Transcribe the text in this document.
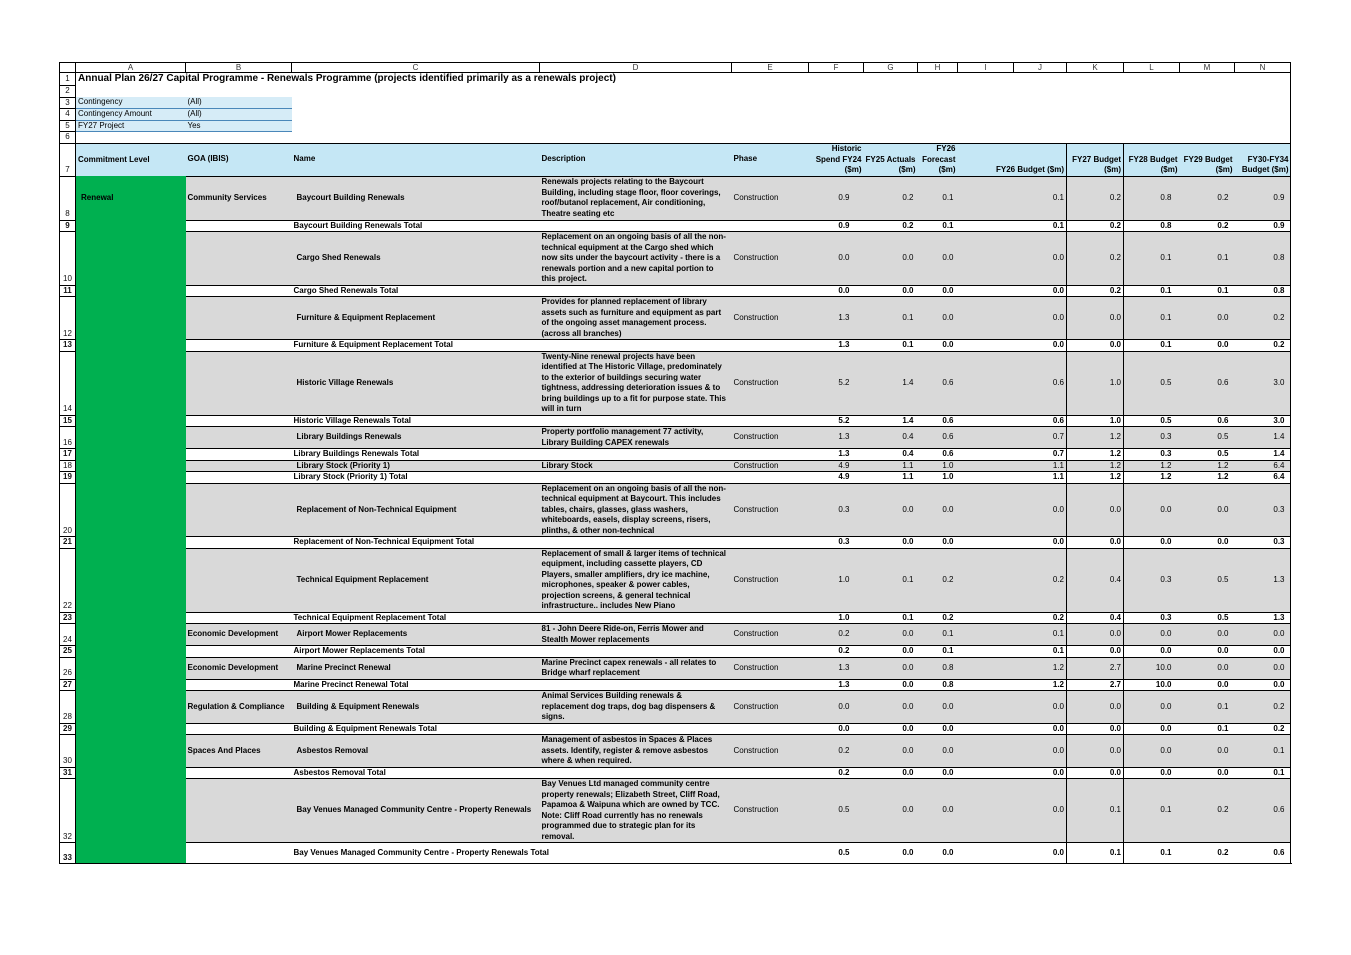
	A	B	C	D	E	F	G	H	I	J	K	L	M	N	
1	Annual Plan 26/27 Capital Programme - Renewals Programme (projects identified primarily as a renewals project)														
2															
3	Contingency	(All)													
4	Contingency Amount	(All)													
5	FY27 Project	Yes													
6															
7	Commitment Level	GOA (IBIS)	Name	Description	Phase	Historic Spend FY24 ($m)	FY25 Actuals ($m)	FY26 Forecast ($m)	FY26 Budget ($m)		FY27 Budget ($m)	FY28 Budget ($m)	FY29 Budget ($m)	FY30-FY34 Budget ($m)	
8	Renewal	Community Services	Baycourt Building Renewals	Renewals projects relating to the Baycourt Building, including stage floor, floor coverings, roof/butanol replacement, Air conditioning, Theatre seating etc	Construction	0.9	0.2	0.1	0.1		0.2	0.8	0.2	0.9	
9			Baycourt Building Renewals Total			0.9	0.2	0.1	0.1		0.2	0.8	0.2	0.9	
10			Cargo Shed Renewals	Replacement on an ongoing basis of all the non-technical equipment at the Cargo shed which now sits under the baycourt activity - there is a renewals portion and a new capital portion to this project.	Construction	0.0	0.0	0.0	0.0		0.2	0.1	0.1	0.8	
11			Cargo Shed Renewals Total			0.0	0.0	0.0	0.0		0.2	0.1	0.1	0.8	
12			Furniture & Equipment Replacement	Provides for planned replacement of library assets such as furniture and equipment as part of the ongoing asset management process. (across all branches)	Construction	1.3	0.1	0.0	0.0		0.0	0.1	0.0	0.2	
13			Furniture & Equipment Replacement Total			1.3	0.1	0.0	0.0		0.0	0.1	0.0	0.2	
14			Historic Village Renewals	Twenty-Nine renewal projects have been identified at The Historic Village, predominately to the exterior of buildings securing water tightness, addressing deterioration issues & to bring buildings up to a fit for purpose state. This will in turn	Construction	5.2	1.4	0.6	0.6		1.0	0.5	0.6	3.0	
15			Historic Village Renewals Total			5.2	1.4	0.6	0.6		1.0	0.5	0.6	3.0	
16			Library Buildings Renewals	Property portfolio management 77 activity, Library Building CAPEX renewals	Construction	1.3	0.4	0.6	0.7		1.2	0.3	0.5	1.4	
17			Library Buildings Renewals Total			1.3	0.4	0.6	0.7		1.2	0.3	0.5	1.4	
18			Library Stock (Priority 1)	Library Stock	Construction	4.9	1.1	1.0	1.1		1.2	1.2	1.2	6.4	
19			Library Stock (Priority 1) Total			4.9	1.1	1.0	1.1		1.2	1.2	1.2	6.4	
20			Replacement of Non-Technical Equipment	Replacement on an ongoing basis of all the non-technical equipment at Baycourt. This includes tables, chairs, glasses, glass washers, whiteboards, easels, display screens, risers, plinths, & other non-technical	Construction	0.3	0.0	0.0	0.0		0.0	0.0	0.0	0.3	
21			Replacement of Non-Technical Equipment Total			0.3	0.0	0.0	0.0		0.0	0.0	0.0	0.3	
22			Technical Equipment Replacement	Replacement of small & larger items of technical equipment, including cassette players, CD Players, smaller amplifiers, dry ice machine, microphones, speaker & power cables, projection screens, & general technical infrastructure.. includes New Piano	Construction	1.0	0.1	0.2	0.2		0.4	0.3	0.5	1.3	
23			Technical Equipment Replacement Total			1.0	0.1	0.2	0.2		0.4	0.3	0.5	1.3	
24		Economic Development	Airport Mower Replacements	81 - John Deere Ride-on, Ferris Mower and Stealth Mower replacements	Construction	0.2	0.0	0.1	0.1		0.0	0.0	0.0	0.0	
25			Airport Mower Replacements Total			0.2	0.0	0.1	0.1		0.0	0.0	0.0	0.0	
26		Economic Development	Marine Precinct Renewal	Marine Precinct capex renewals - all relates to Bridge wharf replacement	Construction	1.3	0.0	0.8	1.2		2.7	10.0	0.0	0.0	
27			Marine Precinct Renewal Total			1.3	0.0	0.8	1.2		2.7	10.0	0.0	0.0	
28		Regulation & Compliance	Building & Equipment Renewals	Animal Services Building renewals & replacement dog traps, dog bag dispensers & signs.	Construction	0.0	0.0	0.0	0.0		0.0	0.0	0.1	0.2	
29			Building & Equipment Renewals Total			0.0	0.0	0.0	0.0		0.0	0.0	0.1	0.2	
30		Spaces And Places	Asbestos Removal	Management of asbestos in Spaces & Places assets. Identify, register & remove asbestos where & when required.	Construction	0.2	0.0	0.0	0.0		0.0	0.0	0.0	0.1	
31			Asbestos Removal Total			0.2	0.0	0.0	0.0		0.0	0.0	0.0	0.1	
32			Bay Venues Managed Community Centre - Property Renewals	Bay Venues Ltd managed community centre property renewals; Elizabeth Street, Cliff Road, Papamoa & Waipuna which are owned by TCC. Note: Cliff Road currently has no renewals programmed due to strategic plan for its removal.	Construction	0.5	0.0	0.0	0.0		0.1	0.1	0.2	0.6	
33			Bay Venues Managed Community Centre - Property Renewals Total			0.5	0.0	0.0	0.0		0.1	0.1	0.2	0.6	
